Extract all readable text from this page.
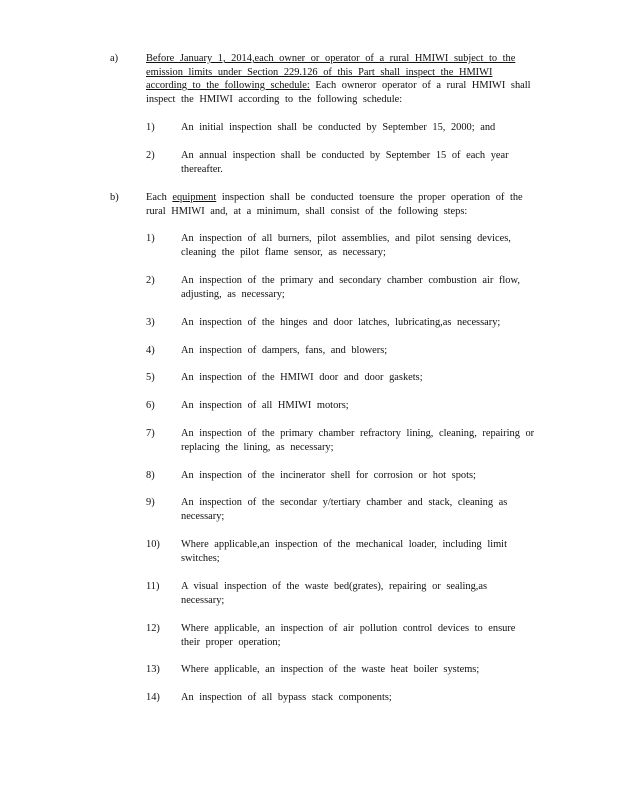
a)	Before January 1, 2014,each owner or operator of a rural HMIWI subject to the emission limits under Section 229.126 of this Part shall inspect the HMIWI according to the following schedule: Each owneror operator of a rural HMIWI shall inspect the HMIWI according to the following schedule:
1)	An initial inspection shall be conducted by September 15, 2000; and
2)	An annual inspection shall be conducted by September 15 of each year thereafter.
b)	Each equipment inspection shall be conducted toensure the proper operation of the rural HMIWI and, at a minimum, shall consist of the following steps:
1)	An inspection of all burners, pilot assemblies, and pilot sensing devices, cleaning the pilot flame sensor, as necessary;
2)	An inspection of the primary and secondary chamber combustion air flow, adjusting, as necessary;
3)	An inspection of the hinges and door latches, lubricating,as necessary;
4)	An inspection of dampers, fans, and blowers;
5)	An inspection of the HMIWI door and door gaskets;
6)	An inspection of all HMIWI motors;
7)	An inspection of the primary chamber refractory lining, cleaning, repairing or replacing the lining, as necessary;
8)	An inspection of the incinerator shell for corrosion or hot spots;
9)	An inspection of the secondar y/tertiary chamber and stack, cleaning as necessary;
10) Where applicable,an inspection of the mechanical loader, including limit switches;
11) A visual inspection of the waste bed(grates), repairing or sealing,as necessary;
12) Where applicable, an inspection of air pollution control devices to ensure their proper operation;
13) Where applicable, an inspection of the waste heat boiler systems;
14) An inspection of all bypass stack components;
